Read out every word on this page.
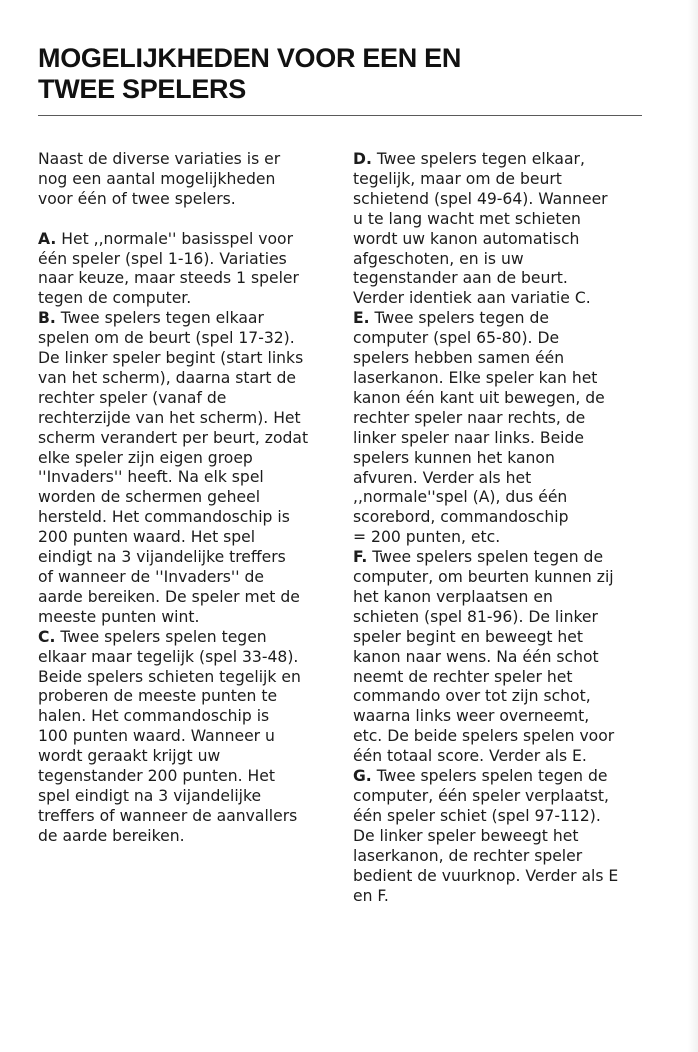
MOGELIJKHEDEN VOOR EEN EN
TWEE SPELERS
Naast de diverse variaties is er
nog een aantal mogelijkheden
voor één of twee spelers.
A. Het ,,normale'' basisspel voor
één speler (spel 1-16). Variaties
naar keuze, maar steeds 1 speler
tegen de computer.
B. Twee spelers tegen elkaar
spelen om de beurt (spel 17-32).
De linker speler begint (start links
van het scherm), daarna start de
rechter speler (vanaf de
rechterzijde van het scherm). Het
scherm verandert per beurt, zodat
elke speler zijn eigen groep
''Invaders'' heeft. Na elk spel
worden de schermen geheel
hersteld. Het commandoschip is
200 punten waard. Het spel
eindigt na 3 vijandelijke treffers
of wanneer de ''Invaders'' de
aarde bereiken. De speler met de
meeste punten wint.
C. Twee spelers spelen tegen
elkaar maar tegelijk (spel 33-48).
Beide spelers schieten tegelijk en
proberen de meeste punten te
halen. Het commandoschip is
100 punten waard. Wanneer u
wordt geraakt krijgt uw
tegenstander 200 punten. Het
spel eindigt na 3 vijandelijke
treffers of wanneer de aanvallers
de aarde bereiken.
D. Twee spelers tegen elkaar,
tegelijk, maar om de beurt
schietend (spel 49-64). Wanneer
u te lang wacht met schieten
wordt uw kanon automatisch
afgeschoten, en is uw
tegenstander aan de beurt.
Verder identiek aan variatie C.
E. Twee spelers tegen de
computer (spel 65-80). De
spelers hebben samen één
laserkanon. Elke speler kan het
kanon één kant uit bewegen, de
rechter speler naar rechts, de
linker speler naar links. Beide
spelers kunnen het kanon
afvuren. Verder als het
,,normale''spel (A), dus één
scorebord, commandoschip
= 200 punten, etc.
F. Twee spelers spelen tegen de
computer, om beurten kunnen zij
het kanon verplaatsen en
schieten (spel 81-96). De linker
speler begint en beweegt het
kanon naar wens. Na één schot
neemt de rechter speler het
commando over tot zijn schot,
waarna links weer overneemt,
etc. De beide spelers spelen voor
één totaal score. Verder als E.
G. Twee spelers spelen tegen de
computer, één speler verplaatst,
één speler schiet (spel 97-112).
De linker speler beweegt het
laserkanon, de rechter speler
bedient de vuurknop. Verder als E
en F.
